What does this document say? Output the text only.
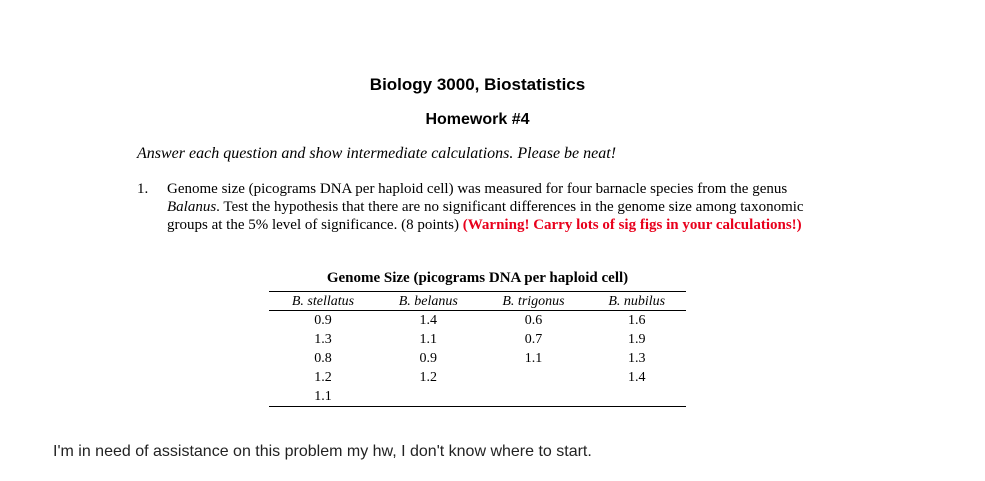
Biology 3000, Biostatistics
Homework #4
Answer each question and show intermediate calculations. Please be neat!
1. Genome size (picograms DNA per haploid cell) was measured for four barnacle species from the genus Balanus. Test the hypothesis that there are no significant differences in the genome size among taxonomic groups at the 5% level of significance. (8 points) (Warning! Carry lots of sig figs in your calculations!)
Genome Size (picograms DNA per haploid cell)
B. stellatus	B. belanus	B. trigonus	B. nubilus
0.9	1.4	0.6	1.6
1.3	1.1	0.7	1.9
0.8	0.9	1.1	1.3
1.2	1.2		1.4
1.1			
I'm in need of assistance on this problem my hw, I don't know where to start.
